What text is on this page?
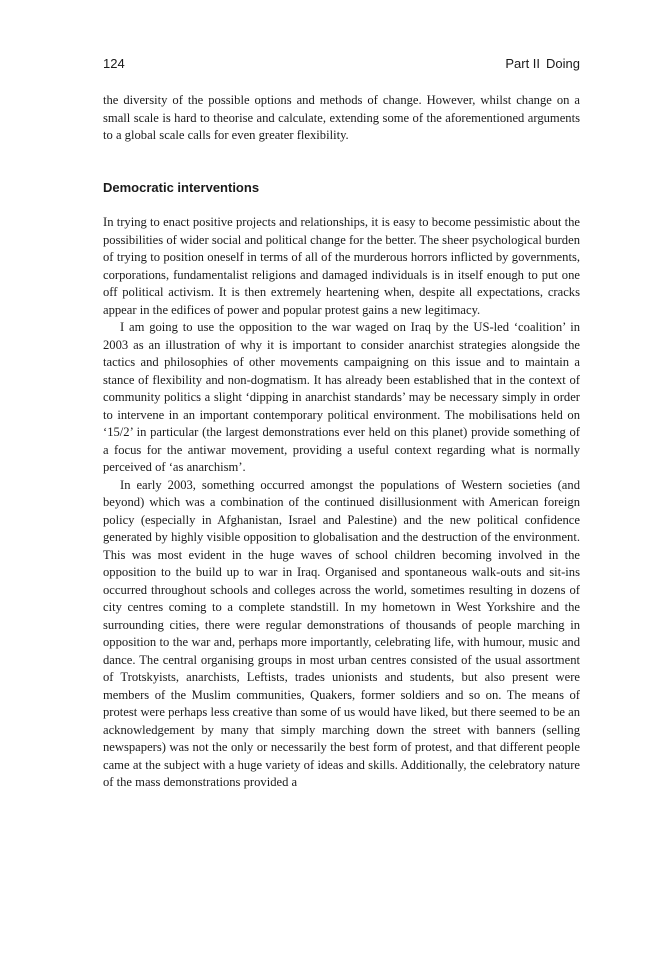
124	Part II Doing

the diversity of the possible options and methods of change. However, whilst change on a small scale is hard to theorise and calculate, extending some of the aforementioned arguments to a global scale calls for even greater flexibility.

Democratic interventions

In trying to enact positive projects and relationships, it is easy to become pessimistic about the possibilities of wider social and political change for the better. The sheer psychological burden of trying to position oneself in terms of all of the murderous horrors inflicted by governments, corporations, fundamentalist religions and damaged individuals is in itself enough to put one off political activism. It is then extremely heartening when, despite all expectations, cracks appear in the edifices of power and popular protest gains a new legitimacy.

I am going to use the opposition to the war waged on Iraq by the US-led ‘coalition’ in 2003 as an illustration of why it is important to consider anarchist strategies alongside the tactics and philosophies of other movements campaigning on this issue and to maintain a stance of flexibility and non-dogmatism. It has already been established that in the context of community politics a slight ‘dipping in anarchist standards’ may be necessary simply in order to intervene in an important contemporary political environment. The mobilisations held on ‘15/2’ in particular (the largest demonstrations ever held on this planet) provide something of a focus for the antiwar movement, providing a useful context regarding what is normally perceived of ‘as anarchism’.

In early 2003, something occurred amongst the populations of Western societies (and beyond) which was a combination of the continued disillusionment with American foreign policy (especially in Afghanistan, Israel and Palestine) and the new political confidence generated by highly visible opposition to globalisation and the destruction of the environment. This was most evident in the huge waves of school children becoming involved in the opposition to the build up to war in Iraq. Organised and spontaneous walk-outs and sit-ins occurred throughout schools and colleges across the world, sometimes resulting in dozens of city centres coming to a complete standstill. In my hometown in West Yorkshire and the surrounding cities, there were regular demonstrations of thousands of people marching in opposition to the war and, perhaps more importantly, celebrating life, with humour, music and dance. The central organising groups in most urban centres consisted of the usual assortment of Trotskyists, anarchists, Leftists, trades unionists and students, but also present were members of the Muslim communities, Quakers, former soldiers and so on. The means of protest were perhaps less creative than some of us would have liked, but there seemed to be an acknowledgement by many that simply marching down the street with banners (selling newspapers) was not the only or necessarily the best form of protest, and that different people came at the subject with a huge variety of ideas and skills. Additionally, the celebratory nature of the mass demonstrations provided a
